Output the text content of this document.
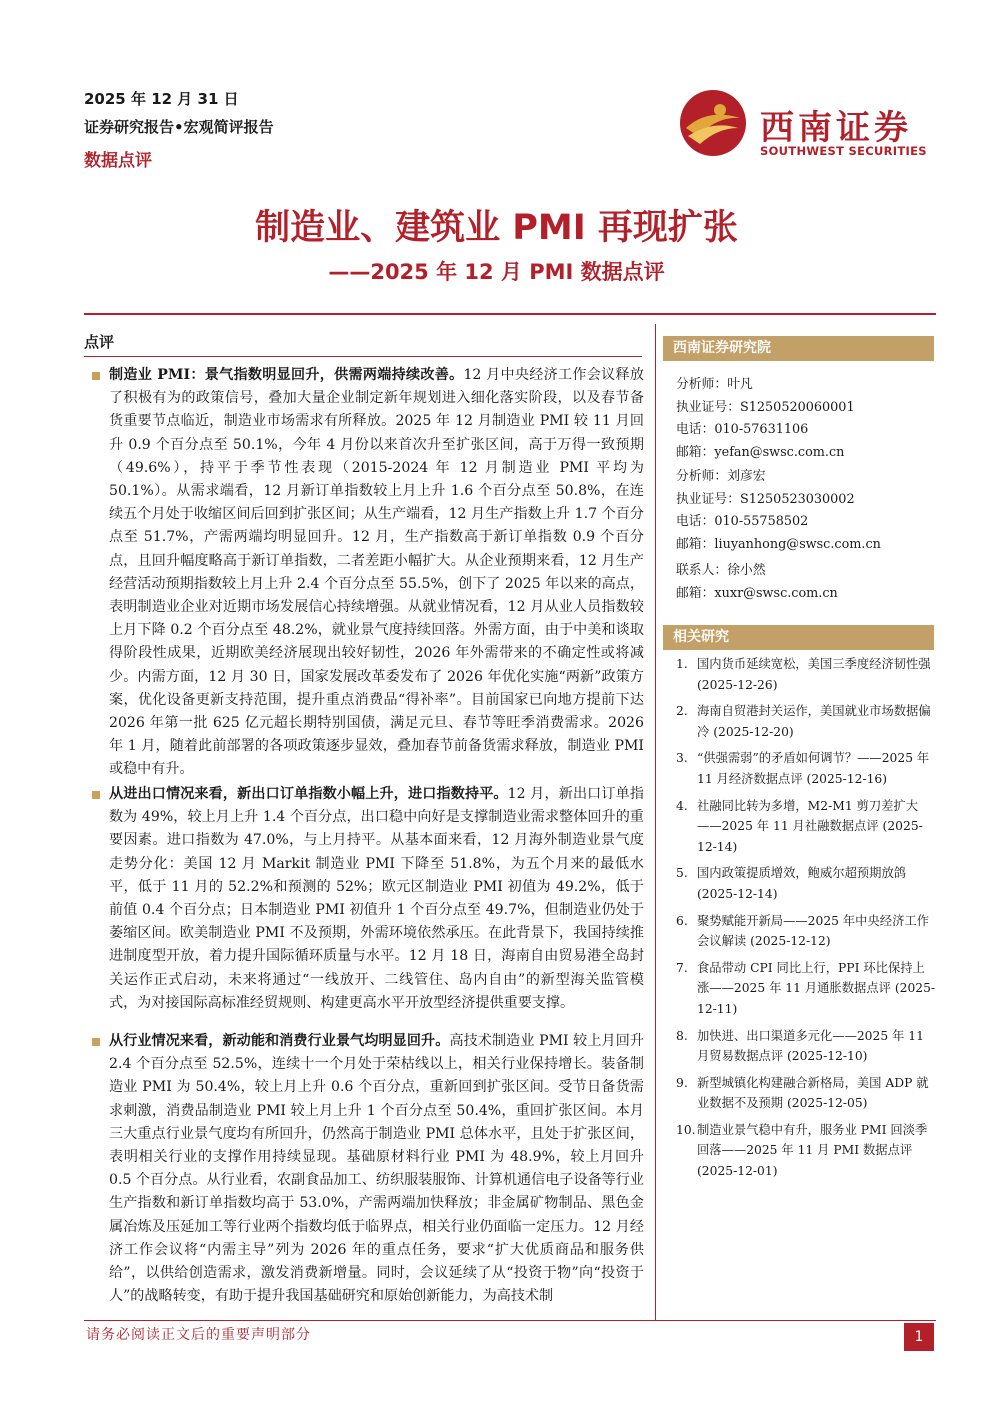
2025 年 12 月 31 日
证券研究报告•宏观简评报告
数据点评
西南证券
SOUTHWEST SECURITIES
制造业、建筑业 PMI 再现扩张
——2025 年 12 月 PMI 数据点评
点评
制造业 PMI：景气指数明显回升，供需两端持续改善。12 月中央经济工作会议释放了积极有为的政策信号，叠加大量企业制定新年规划进入细化落实阶段，以及春节备货重要节点临近，制造业市场需求有所释放。2025 年 12 月制造业 PMI 较 11 月回升 0.9 个百分点至 50.1%，今年 4 月份以来首次升至扩张区间，高于万得一致预期（49.6%），持平于季节性表现（2015-2024 年 12 月制造业 PMI 平均为 50.1%）。从需求端看，12 月新订单指数较上月上升 1.6 个百分点至 50.8%，在连续五个月处于收缩区间后回到扩张区间；从生产端看，12 月生产指数上升 1.7 个百分点至 51.7%，产需两端均明显回升。12 月，生产指数高于新订单指数 0.9 个百分点，且回升幅度略高于新订单指数，二者差距小幅扩大。从企业预期来看，12 月生产经营活动预期指数较上月上升 2.4 个百分点至 55.5%，创下了 2025 年以来的高点，表明制造业企业对近期市场发展信心持续增强。从就业情况看，12 月从业人员指数较上月下降 0.2 个百分点至 48.2%，就业景气度持续回落。外需方面，由于中美和谈取得阶段性成果，近期欧美经济展现出较好韧性，2026 年外需带来的不确定性或将减少。内需方面，12 月 30 日，国家发展改革委发布了 2026 年优化实施“两新”政策方案，优化设备更新支持范围，提升重点消费品“得补率”。目前国家已向地方提前下达 2026 年第一批 625 亿元超长期特别国债，满足元旦、春节等旺季消费需求。2026 年 1 月，随着此前部署的各项政策逐步显效，叠加春节前备货需求释放，制造业 PMI 或稳中有升。
从进出口情况来看，新出口订单指数小幅上升，进口指数持平。12 月，新出口订单指数为 49%，较上月上升 1.4 个百分点，出口稳中向好是支撑制造业需求整体回升的重要因素。进口指数为 47.0%，与上月持平。从基本面来看，12 月海外制造业景气度走势分化：美国 12 月 Markit 制造业 PMI 下降至 51.8%，为五个月来的最低水平，低于 11 月的 52.2%和预测的 52%；欧元区制造业 PMI 初值为 49.2%，低于前值 0.4 个百分点；日本制造业 PMI 初值升 1 个百分点至 49.7%，但制造业仍处于萎缩区间。欧美制造业 PMI 不及预期，外需环境依然承压。在此背景下，我国持续推进制度型开放，着力提升国际循环质量与水平。12 月 18 日，海南自由贸易港全岛封关运作正式启动，未来将通过“一线放开、二线管住、岛内自由”的新型海关监管模式，为对接国际高标准经贸规则、构建更高水平开放型经济提供重要支撑。
从行业情况来看，新动能和消费行业景气均明显回升。高技术制造业 PMI 较上月回升 2.4 个百分点至 52.5%，连续十一个月处于荣枯线以上，相关行业保持增长。装备制造业 PMI 为 50.4%，较上月上升 0.6 个百分点，重新回到扩张区间。受节日备货需求刺激，消费品制造业 PMI 较上月上升 1 个百分点至 50.4%，重回扩张区间。本月三大重点行业景气度均有所回升，仍然高于制造业 PMI 总体水平，且处于扩张区间，表明相关行业的支撑作用持续显现。基础原材料行业 PMI 为 48.9%，较上月回升 0.5 个百分点。从行业看，农副食品加工、纺织服装服饰、计算机通信电子设备等行业生产指数和新订单指数均高于 53.0%，产需两端加快释放；非金属矿物制品、黑色金属冶炼及压延加工等行业两个指数均低于临界点，相关行业仍面临一定压力。12 月经济工作会议将“内需主导”列为 2026 年的重点任务，要求“扩大优质商品和服务供给”，以供给创造需求，激发消费新增量。同时，会议延续了从“投资于物”向“投资于人”的战略转变，有助于提升我国基础研究和原始创新能力，为高技术制
西南证券研究院
分析师：叶凡
执业证号：S1250520060001
电话：010-57631106
邮箱：yefan@swsc.com.cn
分析师：刘彦宏
执业证号：S1250523030002
电话：010-55758502
邮箱：liuyanhong@swsc.com.cn
联系人：徐小然
邮箱：xuxr@swsc.com.cn
相关研究
1. 国内货币延续宽松，美国三季度经济韧性强 (2025-12-26)
2. 海南自贸港封关运作，美国就业市场数据偏冷 (2025-12-20)
3. “供强需弱”的矛盾如何调节？——2025 年 11 月经济数据点评 (2025-12-16)
4. 社融同比转为多增，M2-M1 剪刀差扩大——2025 年 11 月社融数据点评 (2025-12-14)
5. 国内政策提质增效，鲍威尔超预期放鸽 (2025-12-14)
6. 聚势赋能开新局——2025 年中央经济工作会议解读 (2025-12-12)
7. 食品带动 CPI 同比上行，PPI 环比保持上涨——2025 年 11 月通胀数据点评 (2025-12-11)
8. 加快进、出口渠道多元化——2025 年 11 月贸易数据点评 (2025-12-10)
9. 新型城镇化构建融合新格局，美国 ADP 就业数据不及预期 (2025-12-05)
10. 制造业景气稳中有升，服务业 PMI 回淡季回落——2025 年 11 月 PMI 数据点评 (2025-12-01)
请务必阅读正文后的重要声明部分	1
